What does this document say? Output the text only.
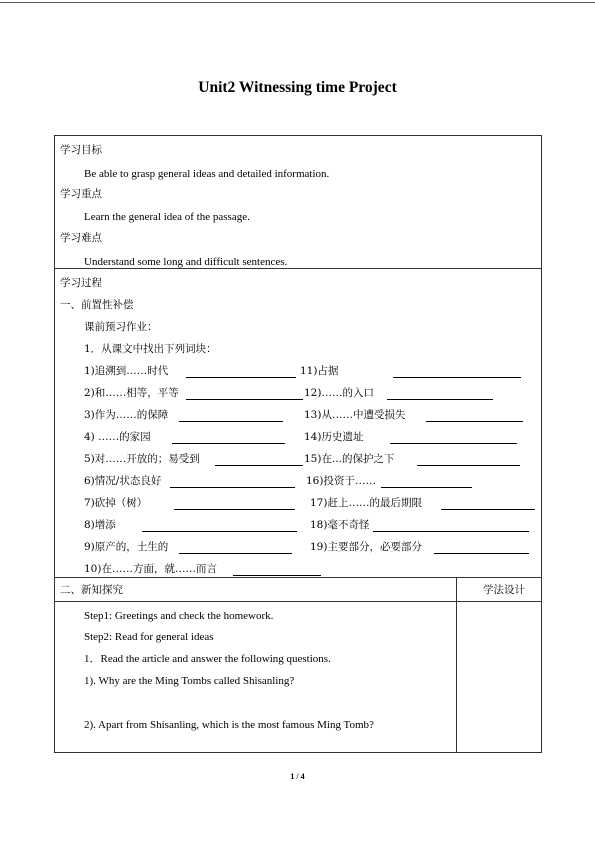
Unit2 Witnessing time Project
学习目标
Be able to grasp general ideas and detailed information.
学习重点
Learn the general idea of the passage.
学习难点
Understand some long and difficult sentences.
学习过程
一、前置性补偿
课前预习作业：
1．从课文中找出下列词块：
1)追溯到……时代	11)占据
2)和……相等，平等	12)……的入口
3)作为……的保障	13)从……中遭受损失
4) ……的家园	14)历史遗址
5)对……开放的；易受到	15)在...的保护之下
6)情况/状态良好	16)投资于……
7)砍掉（树）	17)赶上……的最后期限
8)增添	18)毫不奇怪
9)原产的，土生的	19)主要部分，必要部分
10)在……方面，就……而言
二、新知探究	学法设计
Step1: Greetings and check the homework.
Step2: Read for general ideas
1．Read the article and answer the following questions.
1). Why are the Ming Tombs called Shisanling?
2). Apart from Shisanling, which is the most famous Ming Tomb?
1 / 4
